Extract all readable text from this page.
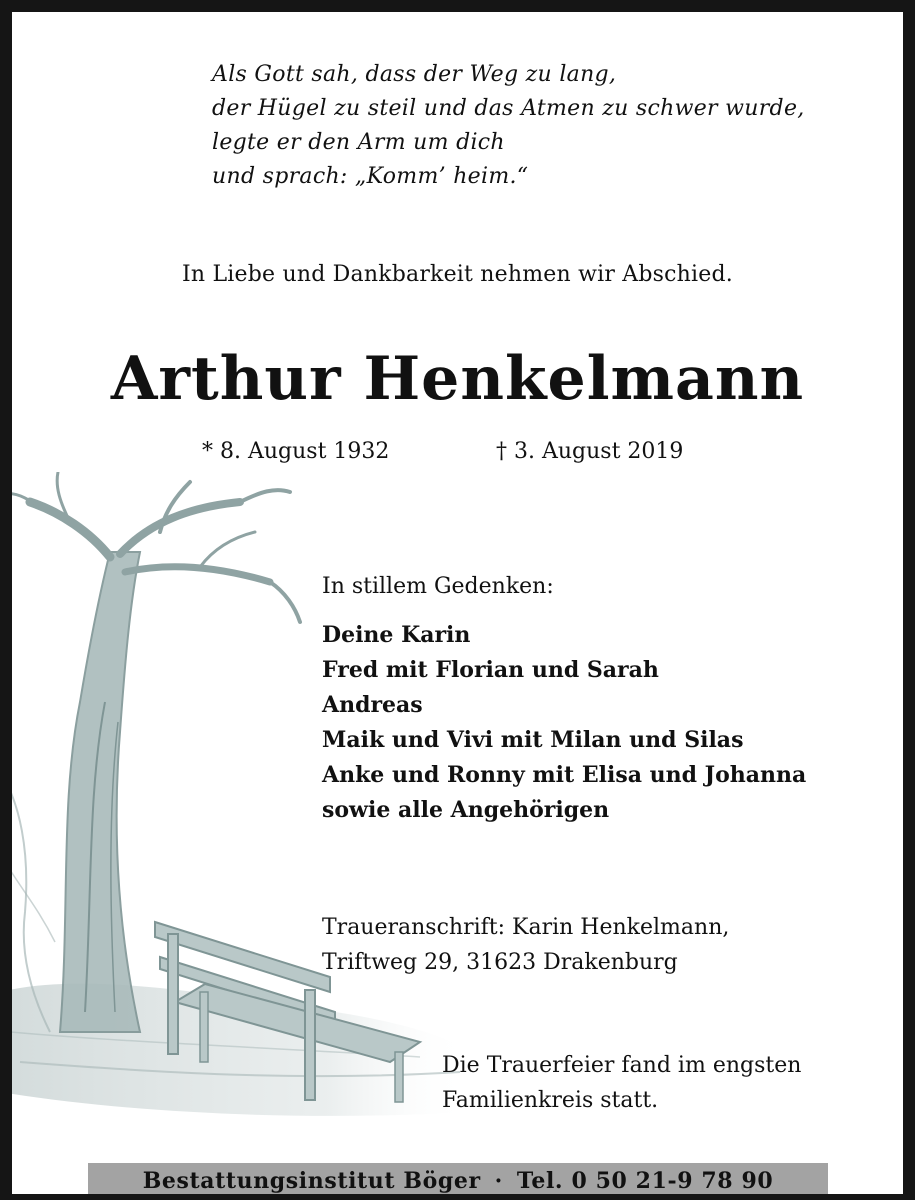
Als Gott sah, dass der Weg zu lang,
der Hügel zu steil und das Atmen zu schwer wurde,
legte er den Arm um dich
und sprach: „Komm’ heim.“
In Liebe und Dankbarkeit nehmen wir Abschied.
Arthur Henkelmann
* 8. August 1932	† 3. August 2019
In stillem Gedenken:
Deine Karin
Fred mit Florian und Sarah
Andreas
Maik und Vivi mit Milan und Silas
Anke und Ronny mit Elisa und Johanna
sowie alle Angehörigen
Traueranschrift: Karin Henkelmann,
Triftweg 29, 31623 Drakenburg
Die Trauerfeier fand im engsten
Familienkreis statt.
Bestattungsinstitut Böger · Tel. 0 50 21-9 78 90
